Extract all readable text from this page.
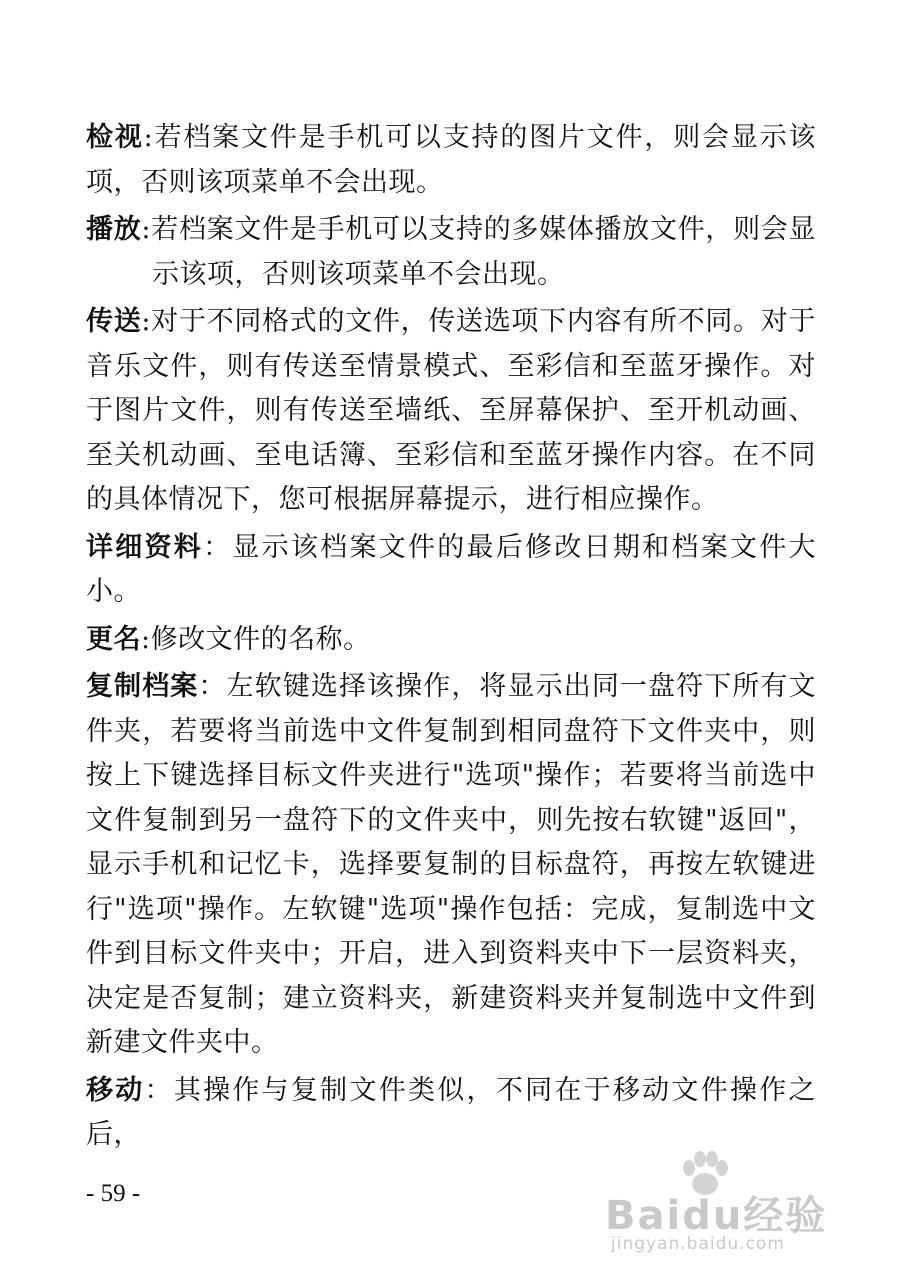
检视:若档案文件是手机可以支持的图片文件，则会显示该项，否则该项菜单不会出现。

播放:若档案文件是手机可以支持的多媒体播放文件，则会显示该项，否则该项菜单不会出现。

传送:对于不同格式的文件，传送选项下内容有所不同。对于音乐文件，则有传送至情景模式、至彩信和至蓝牙操作。对于图片文件，则有传送至墙纸、至屏幕保护、至开机动画、至关机动画、至电话簿、至彩信和至蓝牙操作内容。在不同的具体情况下，您可根据屏幕提示，进行相应操作。

详细资料：显示该档案文件的最后修改日期和档案文件大小。

更名:修改文件的名称。

复制档案：左软键选择该操作，将显示出同一盘符下所有文件夹，若要将当前选中文件复制到相同盘符下文件夹中，则按上下键选择目标文件夹进行"选项"操作；若要将当前选中文件复制到另一盘符下的文件夹中，则先按右软键"返回"，显示手机和记忆卡，选择要复制的目标盘符，再按左软键进行"选项"操作。左软键"选项"操作包括：完成，复制选中文件到目标文件夹中；开启，进入到资料夹中下一层资料夹，决定是否复制；建立资料夹，新建资料夹并复制选中文件到新建文件夹中。

移动：其操作与复制文件类似，不同在于移动文件操作之后，

- 59 -	Baidu经验
jingyan.baidu.com
